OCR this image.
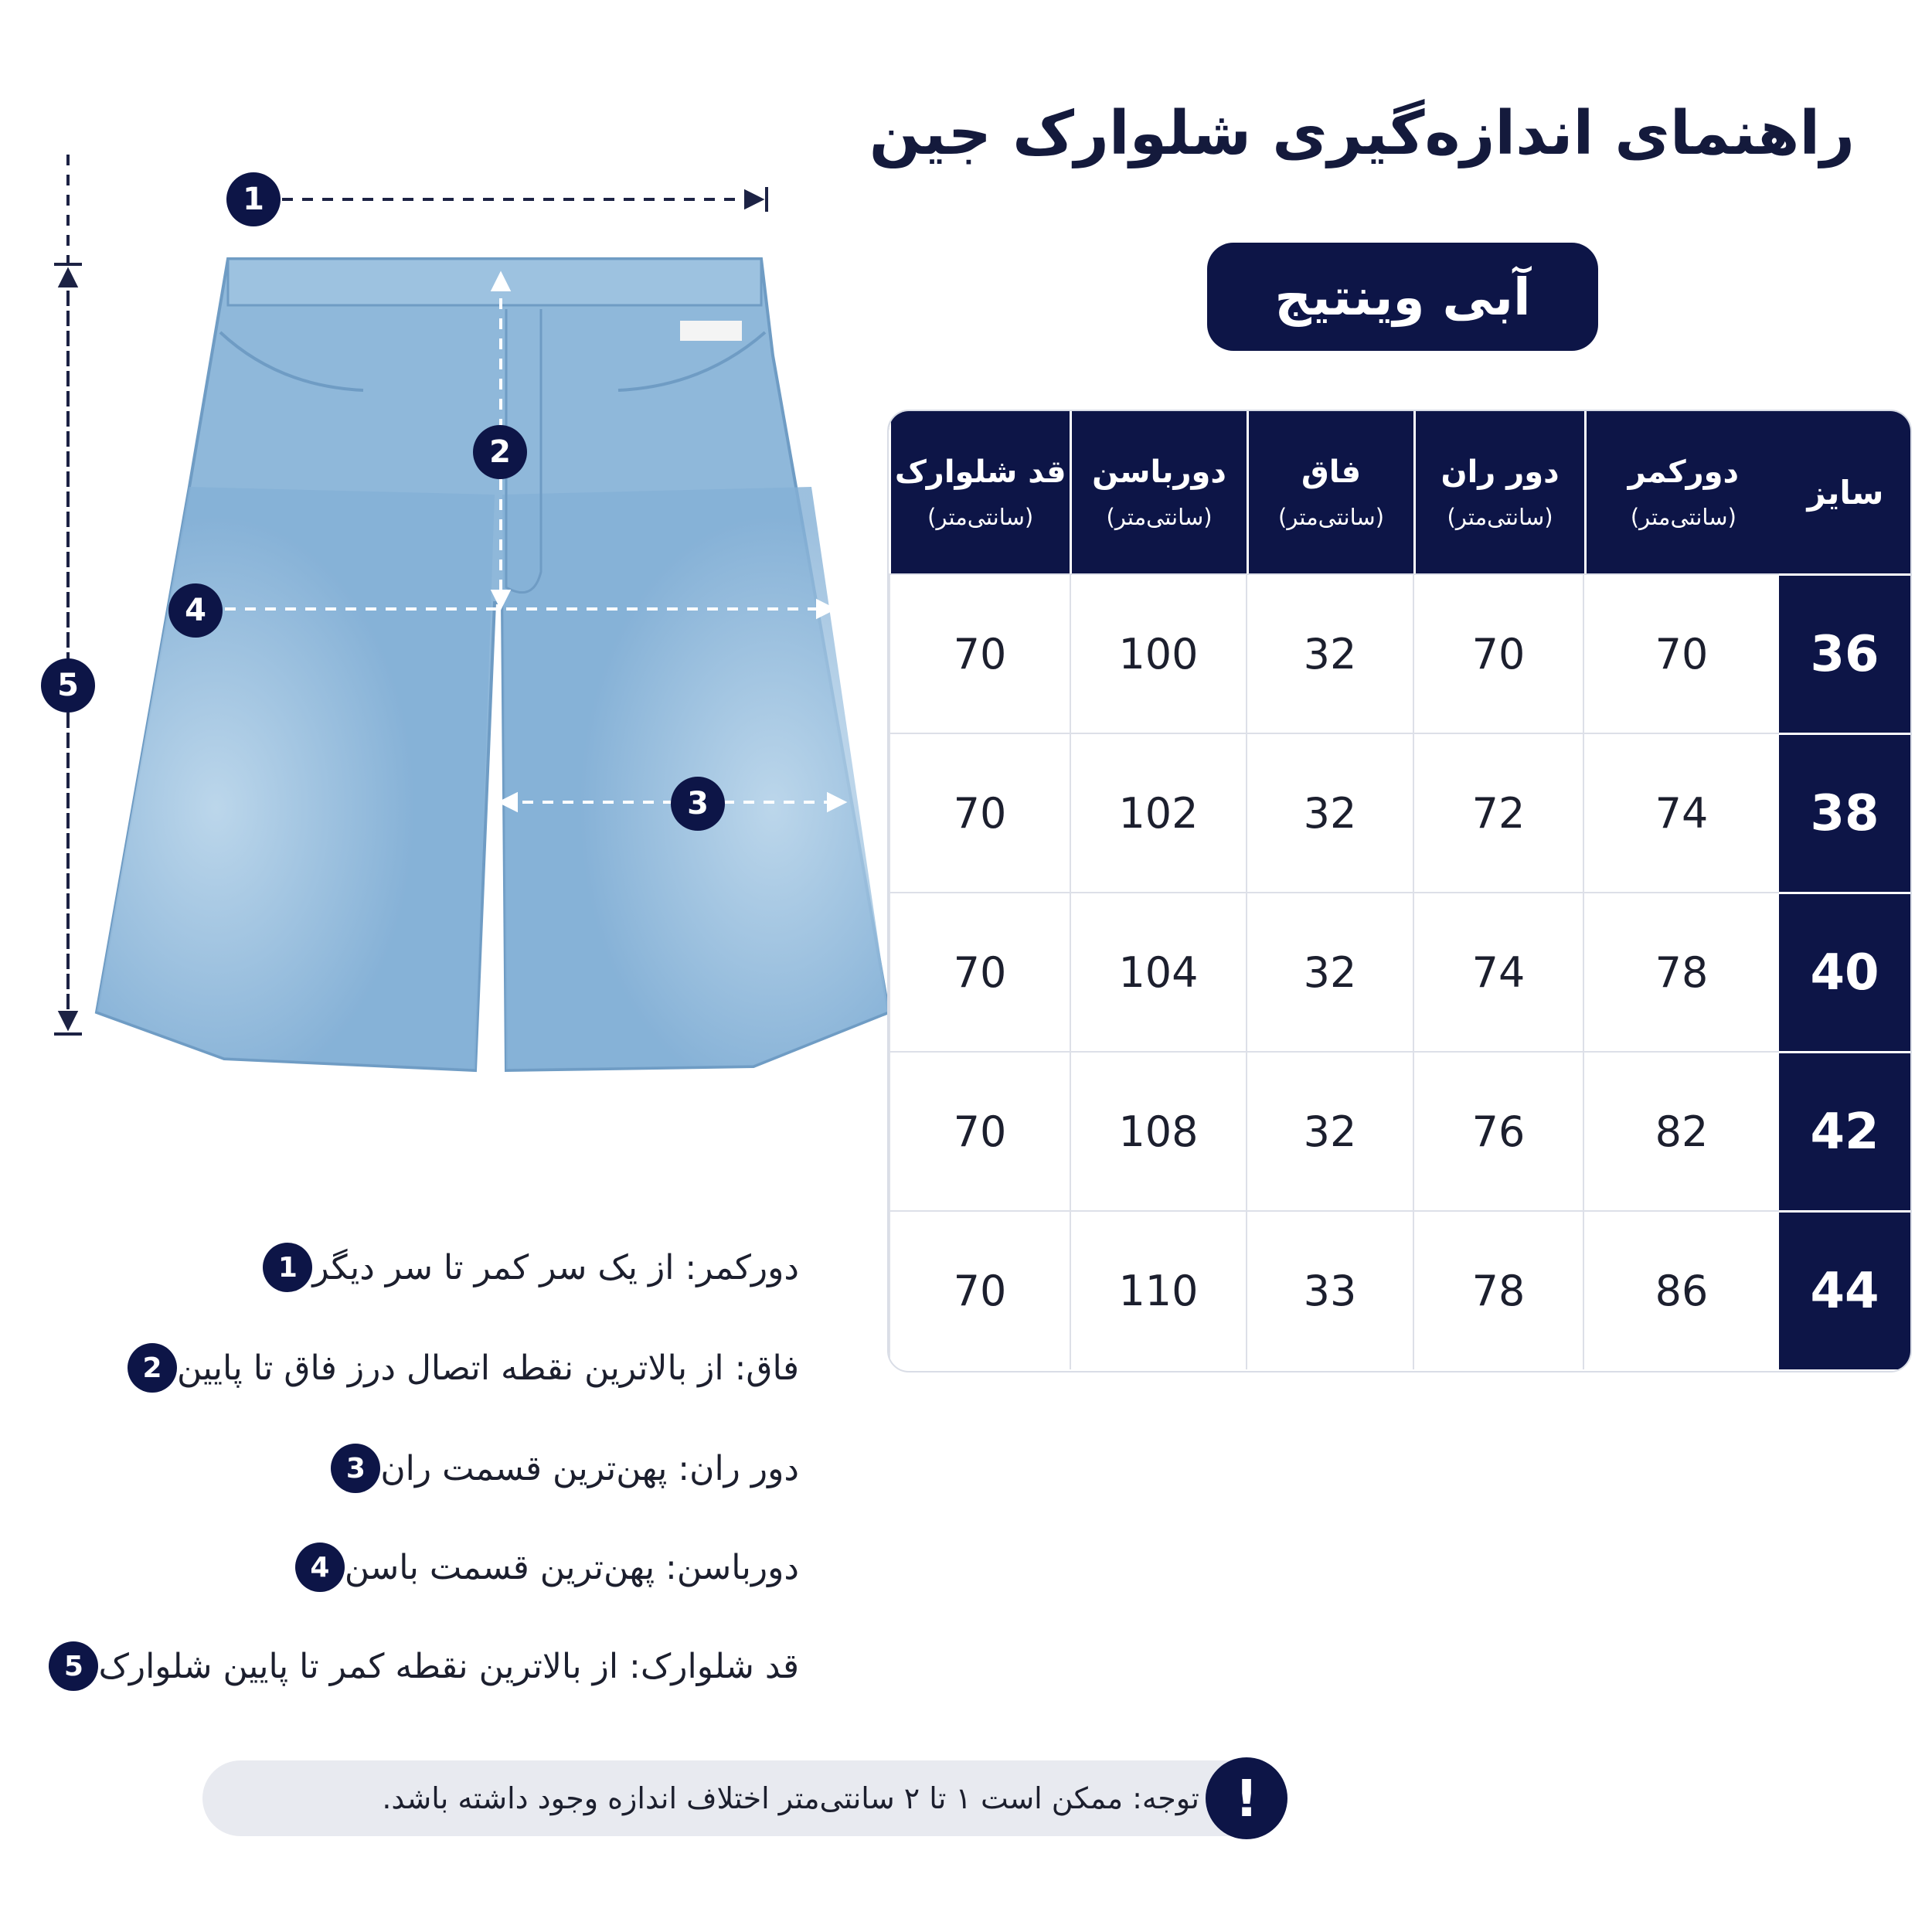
راهنمای اندازه‌گیری شلوارک جین
آبی وینتیج
1
2
3
4
5
سایز
دورکمر
(سانتی‌متر)
دور ران
(سانتی‌متر)
فاق
(سانتی‌متر)
دورباسن
(سانتی‌متر)
قد شلوارک
(سانتی‌متر)
36
70
70
32
100
70
38
74
72
32
102
70
40
78
74
32
104
70
42
82
76
32
108
70
44
86
78
33
110
70
1 دورکمر: از یک سر کمر تا سر دیگر
2 فاق: از بالاترین نقطه اتصال درز فاق تا پایین
3 دور ران: پهن‌ترین قسمت ران
4 دورباسن: پهن‌ترین قسمت باسن
5 قد شلوارک: از بالاترین نقطه کمر تا پایین شلوارک
توجه: ممکن است ۱ تا ۲ سانتی‌متر اختلاف اندازه وجود داشته باشد. !
